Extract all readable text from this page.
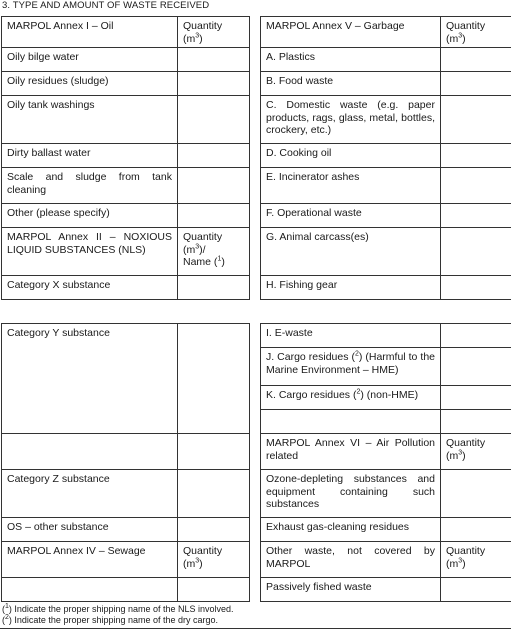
3. TYPE AND AMOUNT OF WASTE RECEIVED
MARPOL Annex I – Oil	Quantity $(m^3)$
Oily bilge water	
Oily residues (sludge)	
Oily tank washings	
Dirty ballast water	
Scale and sludge from tank cleaning	
Other (please specify)	
MARPOL Annex II – NOXIOUS LIQUID SUBSTANCES (NLS)	Quantity $(m^3)/$
Name ($^1$)
Category X substance	
MARPOL Annex V – Garbage	Quantity $(m^3)$
A. Plastics	
B. Food waste	
C. Domestic waste (e.g. paper products, rags, glass, metal, bottles, crockery, etc.)	
D. Cooking oil	
E. Incinerator ashes	
F. Operational waste	
G. Animal carcass(es)	
H. Fishing gear	
Category Y substance	

Category Z substance	
OS – other substance	
MARPOL Annex IV – Sewage	Quantity $(m^3)$

I. E-waste	
J. Cargo residues ($^2$) (Harmful to the Marine Environment – HME)	
K. Cargo residues ($^2$) (non-HME)	

MARPOL Annex VI – Air Pollution related	Quantity $(m^3)$
Ozone-depleting substances and equipment containing such substances	
Exhaust gas-cleaning residues	
Other waste, not covered by MARPOL	Quantity $(m^3)$
Passively fished waste	
($^1$) Indicate the proper shipping name of the NLS involved.
($^2$) Indicate the proper shipping name of the dry cargo.
